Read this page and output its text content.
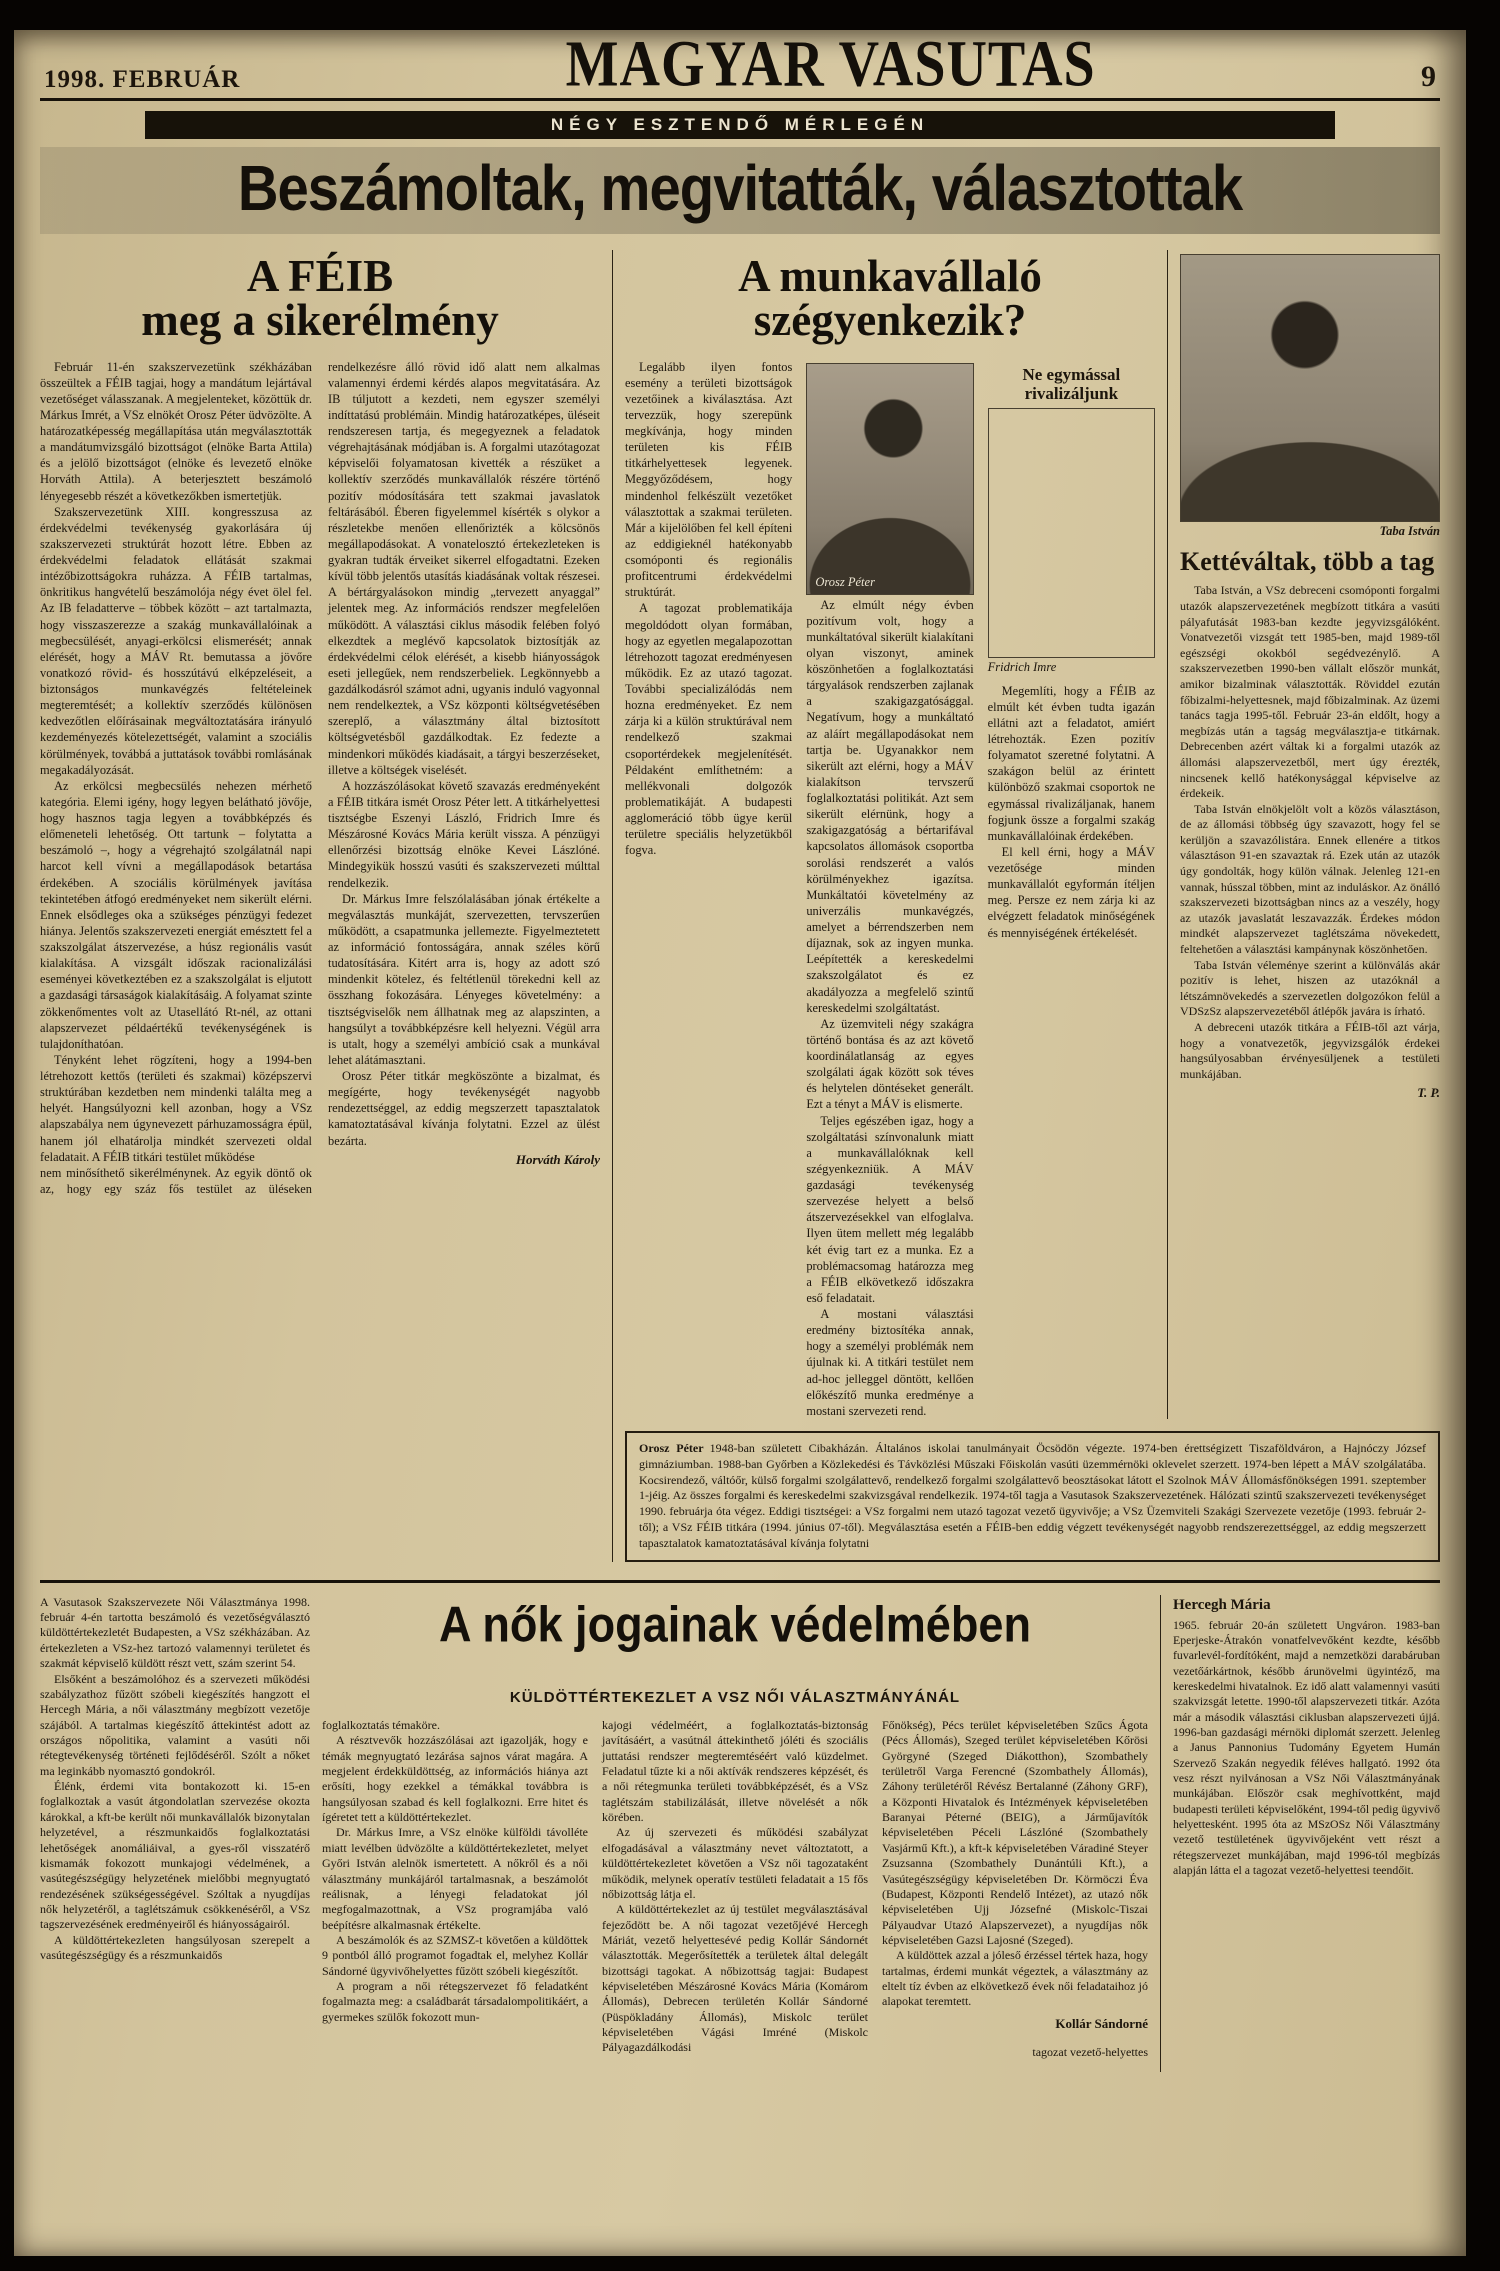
1998. FEBRUÁR	MAGYAR VASUTAS	9
NÉGY ESZTENDŐ MÉRLEGÉN
Beszámoltak, megvitatták, választottak
A FÉIB
meg a sikerélmény

Február 11-én szakszervezetünk székházában összeültek a FÉIB tagjai, hogy a mandátum lejártával vezetőséget válasszanak. A megjelenteket, közöttük dr. Márkus Imrét, a VSz elnökét Orosz Péter üdvözölte. A határozatképesség megállapítása után megválasztották a mandátumvizsgáló bizottságot (elnöke Barta Attila) és a jelölő bizottságot (elnöke és levezető elnöke Horváth Attila). A beterjesztett beszámoló lényegesebb részét a következőkben ismertetjük.

Szakszervezetünk XIII. kongresszusa az érdekvédelmi tevékenység gyakorlására új szakszervezeti struktúrát hozott létre. Ebben az érdekvédelmi feladatok ellátását szakmai intézőbizottságokra ruházza. A FÉIB tartalmas, önkritikus hangvételű beszámolója négy évet ölel fel. Az IB feladatterve – többek között – azt tartalmazta, hogy visszaszerezze a szakág munkavállalóinak a megbecsülését, anyagi-erkölcsi elismerését; annak elérését, hogy a MÁV Rt. bemutassa a jövőre vonatkozó rövid- és hosszútávú elképzeléseit, a biztonságos munkavégzés feltételeinek megteremtését; a kollektív szerződés különösen kedvezőtlen előírásainak megváltoztatására irányuló kezdeményezés kötelezettségét, valamint a szociális körülmények, továbbá a juttatások további romlásának megakadályozását.

Az erkölcsi megbecsülés nehezen mérhető kategória. Elemi igény, hogy legyen belátható jövője, hogy hasznos tagja legyen a továbbképzés és előmeneteli lehetőség. Ott tartunk – folytatta a beszámoló –, hogy a végrehajtó szolgálatnál napi harcot kell vívni a megállapodások betartása érdekében. A szociális körülmények javítása tekintetében átfogó eredményeket nem sikerült elérni. Ennek elsődleges oka a szükséges pénzügyi fedezet hiánya. Jelentős szakszervezeti energiát emésztett fel a szakszolgálat átszervezése, a húsz regionális vasút kialakítása. A vizsgált időszak racionalizálási eseményei következtében ez a szakszolgálat is eljutott a gazdasági társaságok kialakításáig. A folyamat szinte zökkenőmentes volt az Utasellátó Rt-nél, az ottani alapszervezet példaértékű tevékenységének is tulajdoníthatóan.

Tényként lehet rögzíteni, hogy a 1994-ben létrehozott kettős (területi és szakmai) középszervi struktúrában kezdetben nem mindenki találta meg a helyét. Hangsúlyozni kell azonban, hogy a VSz alapszabálya nem úgynevezett párhuzamosságra épül, hanem jól elhatárolja mindkét szervezeti oldal feladatait. A FÉIB titkári testület működése

nem minősíthető sikerélménynek. Az egyik döntő ok az, hogy egy száz fős testület az üléseken rendelkezésre álló rövid idő alatt nem alkalmas valamennyi érdemi kérdés alapos megvitatására. Az IB túljutott a kezdeti, nem egyszer személyi indíttatású problémáin. Mindig határozatképes, üléseit rendszeresen tartja, és megegyeznek a feladatok végrehajtásának módjában is. A forgalmi utazótagozat képviselői folyamatosan kivették a részüket a kollektív szerződés munkavállalók részére történő pozitív módosítására tett szakmai javaslatok feltárásából. Éberen figyelemmel kísérték s olykor a részletekbe menően ellenőrizték a kölcsönös megállapodásokat. A vonatelosztó értekezleteken is gyakran tudták érveiket sikerrel elfogadtatni. Ezeken kívül több jelentős utasítás kiadásának voltak részesei. A bértárgyalásokon mindig „tervezett anyaggal” jelentek meg. Az információs rendszer megfelelően működött. A választási ciklus második felében folyó elkezdtek a meglévő kapcsolatok biztosítják az érdekvédelmi célok elérését, a kisebb hiányosságok eseti jellegűek, nem rendszerbeliek. Legkönnyebb a gazdálkodásról számot adni, ugyanis induló vagyonnal nem rendelkeztek, a VSz központi költségvetésében szereplő, a választmány által biztosított költségvetésből gazdálkodtak. Ez fedezte a mindenkori működés kiadásait, a tárgyi beszerzéseket, illetve a költségek viselését.

A hozzászólásokat követő szavazás eredményeként a FÉIB titkára ismét Orosz Péter lett. A titkárhelyettesi tisztségbe Eszenyi László, Fridrich Imre és Mészárosné Kovács Mária került vissza. A pénzügyi ellenőrzési bizottság elnöke Kevei Lászlóné. Mindegyikük hosszú vasúti és szakszervezeti múlttal rendelkezik.

Dr. Márkus Imre felszólalásában jónak értékelte a megválasztás munkáját, szervezetten, tervszerűen működött, a csapatmunka jellemezte. Figyelmeztetett az információ fontosságára, annak széles körű tudatosítására. Kitért arra is, hogy az adott szó mindenkit kötelez, és feltétlenül törekedni kell az összhang fokozására. Lényeges követelmény: a tisztségviselők nem állhatnak meg az alapszinten, a hangsúlyt a továbbképzésre kell helyezni. Végül arra is utalt, hogy a személyi ambíció csak a munkával lehet alátámasztani.

Orosz Péter titkár megköszönte a bizalmat, és megígérte, hogy tevékenységét nagyobb rendezettséggel, az eddig megszerzett tapasztalatok kamatoztatásával kívánja folytatni. Ezzel az ülést bezárta.

Horváth Károly

A munkavállaló
szégyenkezik?

Legalább ilyen fontos esemény a területi bizottságok vezetőinek a kiválasztása. Azt tervezzük, hogy szerepünk megkívánja, hogy minden területen kis FÉIB titkárhelyettesek legyenek. Meggyőződésem, hogy mindenhol felkészült vezetőket választottak a szakmai területen. Már a kijelölőben fel kell építeni az eddigieknél hatékonyabb csomóponti és regionális profitcentrumi érdekvédelmi struktúrát.

A tagozat problematikája megoldódott olyan formában, hogy az egyetlen megalapozottan létrehozott tagozat eredményesen működik. Ez az utazó tagozat. További specializálódás nem hozna eredményeket. Ez nem zárja ki a külön struktúrával nem rendelkező szakmai csoportérdekek megjelenítését. Példaként említhetném: a mellékvonali dolgozók problematikáját. A budapesti agglomeráció több ügye kerül területre speciális helyzetükből fogva.

Orosz Péter

Az elmúlt négy évben pozitívum volt, hogy a munkáltatóval sikerült kialakítani olyan viszonyt, aminek köszönhetően a foglalkoztatási tárgyalások rendszerben zajlanak a szakigazgatósággal. Negatívum, hogy a munkáltató az aláírt megállapodásokat nem tartja be. Ugyanakkor nem sikerült azt elérni, hogy a MÁV kialakítson tervszerű foglalkoztatási politikát. Azt sem sikerült elérnünk, hogy a szakigazgatóság a bértarifával kapcsolatos állomások csoportba sorolási rendszerét a valós körülményekhez igazítsa. Munkáltatói követelmény az univerzális munkavégzés, amelyet a bérrendszerben nem díjaznak, sok az ingyen munka. Leépítették a kereskedelmi szakszolgálatot és ez akadályozza a megfelelő szintű kereskedelmi szolgáltatást.

Az üzemviteli négy szakágra történő bontása és az azt követő koordinálatlanság az egyes szolgálati ágak között sok téves és helytelen döntéseket generált. Ezt a tényt a MÁV is elismerte.

Teljes egészében igaz, hogy a szolgáltatási színvonalunk miatt a munkavállalóknak kell szégyenkezniük. A MÁV gazdasági tevékenység szervezése helyett a belső átszervezésekkel van elfoglalva. Ilyen ütem mellett még legalább két évig tart ez a munka. Ez a problémacsomag határozza meg a FÉIB elkövetkező időszakra eső feladatait.

A mostani választási eredmény biztosítéka annak, hogy a személyi problémák nem újulnak ki. A titkári testület nem ad-hoc jelleggel döntött, kellően előkészítő munka eredménye a mostani szervezeti rend.

Ne egymással rivalizáljunk
Fridrich Imre

Megemlíti, hogy a FÉIB az elmúlt két évben tudta igazán ellátni azt a feladatot, amiért létrehozták. Ezen pozitív folyamatot szeretné folytatni. A szakágon belül az érintett különböző szakmai csoportok ne egymással rivalizáljanak, hanem fogjunk össze a forgalmi szakág munkavállalóinak érdekében.

El kell érni, hogy a MÁV vezetősége minden munkavállalót egyformán ítéljen meg. Persze ez nem zárja ki az elvégzett feladatok minőségének és mennyiségének értékelését.

Taba István
Kettéváltak, több a tag

Taba István, a VSz debreceni csomóponti forgalmi utazók alapszervezetének megbízott titkára a vasúti pályafutását 1983-ban kezdte jegyvizsgálóként. Vonatvezetői vizsgát tett 1985-ben, majd 1989-től egészségi okokból segédvezénylő. A szakszervezetben 1990-ben vállalt először munkát, amikor bizalminak választották. Röviddel ezután főbizalmi-helyettesnek, majd főbizalminak. Az üzemi tanács tagja 1995-től. Február 23-án eldőlt, hogy a megbízás után a tagság megválasztja-e titkárnak. Debrecenben azért váltak ki a forgalmi utazók az állomási alapszervezetből, mert úgy érezték, nincsenek kellő hatékonysággal képviselve az érdekeik.

Taba István elnökjelölt volt a közös választáson, de az állomási többség úgy szavazott, hogy fel se kerüljön a szavazólistára. Ennek ellenére a titkos választáson 91-en szavaztak rá. Ezek után az utazók úgy gondolták, hogy külön válnak. Jelenleg 121-en vannak, hússzal többen, mint az induláskor. Az önálló szakszervezeti bizottságban nincs az a veszély, hogy az utazók javaslatát leszavazzák. Érdekes módon mindkét alapszervezet taglétszáma növekedett, feltehetően a választási kampánynak köszönhetően.

Taba István véleménye szerint a különválás akár pozitív is lehet, hiszen az utazóknál a létszámnövekedés a szervezetlen dolgozókon felül a VDSzSz alapszervezetéből átlépők javára is írható.

A debreceni utazók titkára a FÉIB-től azt várja, hogy a vonatvezetők, jegyvizsgálók érdekei hangsúlyosabban érvényesüljenek a testületi munkájában.

T. P.

Orosz Péter 1948-ban született Cibakházán. Általános iskolai tanulmányait Öcsödön végezte. 1974-ben érettségizett Tiszaföldváron, a Hajnóczy József gimnáziumban. 1988-ban Győrben a Közlekedési és Távközlési Műszaki Főiskolán vasúti üzemmérnöki oklevelet szerzett. 1974-ben lépett a MÁV szolgálatába. Kocsirendező, váltóőr, külső forgalmi szolgálattevő, rendelkező forgalmi szolgálattevő beosztásokat látott el Szolnok MÁV Állomásfőnökségen 1991. szeptember 1-jéig. Az összes forgalmi és kereskedelmi szakvizsgával rendelkezik. 1974-től tagja a Vasutasok Szakszervezetének. Hálózati szintű szakszervezeti tevékenységet 1990. februárja óta végez. Eddigi tisztségei: a VSz forgalmi nem utazó tagozat vezető ügyvivője; a VSz Üzemviteli Szakági Szervezete vezetője (1993. február 2-től); a VSz FÉIB titkára (1994. június 07-től). Megválasztása esetén a FÉIB-ben eddig végzett tevékenységét nagyobb rendszerezettséggel, az eddig megszerzett tapasztalatok kamatoztatásával kívánja folytatni

A Vasutasok Szakszervezete Női Választmánya 1998. február 4-én tartotta beszámoló és vezetőségválasztó küldöttértekezletét Budapesten, a VSz székházában. Az értekezleten a VSz-hez tartozó valamennyi területet és szakmát képviselő küldött részt vett, szám szerint 54.

Elsőként a beszámolóhoz és a szervezeti működési szabályzathoz fűzött szóbeli kiegészítés hangzott el Hercegh Mária, a női választmány megbízott vezetője szájából. A tartalmas kiegészítő áttekintést adott az országos nőpolitika, valamint a vasúti női rétegtevékenység történeti fejlődéséről. Szólt a nőket ma leginkább nyomasztó gondokról.

Élénk, érdemi vita bontakozott ki. 15-en foglalkoztak a vasút átgondolatlan szervezése okozta károkkal, a kft-be került női munkavállalók bizonytalan helyzetével, a részmunkaidős foglalkoztatási lehetőségek anomáliáival, a gyes-ről visszatérő kismamák fokozott munkajogi védelmének, a vasútegészségügy helyzetének mielőbbi megnyugtató rendezésének szükségességével. Szóltak a nyugdíjas nők helyzetéről, a taglétszámuk csökkenéséről, a VSz tagszervezésének eredményeiről és hiányosságairól.

A küldöttértekezleten hangsúlyosan szerepelt a vasútegészségügy és a részmunkaidős

A nők jogainak védelmében
KÜLDÖTTÉRTEKEZLET A VSZ NŐI VÁLASZTMÁNYÁNÁL

foglalkoztatás témaköre.

A résztvevők hozzászólásai azt igazolják, hogy e témák megnyugtató lezárása sajnos várat magára. A megjelent érdekküldöttség, az információs hiánya azt erősíti, hogy ezekkel a témákkal továbbra is hangsúlyosan szabad és kell foglalkozni. Erre hitet és ígéretet tett a küldöttértekezlet.

Dr. Márkus Imre, a VSz elnöke külföldi távolléte miatt levélben üdvözölte a küldöttértekezletet, melyet Győri István alelnök ismertetett. A nőkről és a női választmány munkájáról tartalmasnak, a beszámolót reálisnak, a lényegi feladatokat jól megfogalmazottnak, a VSz programjába való beépítésre alkalmasnak értékelte.

A beszámolók és az SZMSZ-t követően a küldöttek 9 pontból álló programot fogadtak el, melyhez Kollár Sándorné ügyvivőhelyettes fűzött szóbeli kiegészítőt.

A program a női rétegszervezet fő feladatként fogalmazta meg: a családbarát társadalompolitikáért, a gyermekes szülők fokozott mun-

kajogi védelméért, a foglalkoztatás-biztonság javításáért, a vasútnál áttekinthető jóléti és szociális juttatási rendszer megteremtéséért való küzdelmet. Feladatul tűzte ki a női aktívák rendszeres képzését, és a női rétegmunka területi továbbképzését, és a VSz taglétszám stabilizálását, illetve növelését a nők körében.

Az új szervezeti és működési szabályzat elfogadásával a választmány nevet változtatott, a küldöttértekezletet követően a VSz női tagozataként működik, melynek operatív testületi feladatait a 15 fős nőbizottság látja el.

A küldöttértekezlet az új testület megválasztásával fejeződött be. A női tagozat vezetőjévé Hercegh Máriát, vezető helyettesévé pedig Kollár Sándornét választották. Megerősítették a területek által delegált bizottsági tagokat. A nőbizottság tagjai: Budapest képviseletében Mészárosné Kovács Mária (Komárom Állomás), Debrecen területén Kollár Sándorné (Püspökladány Állomás), Miskolc terület képviseletében Vágási Imréné (Miskolc Pályagazdálkodási

Főnökség), Pécs terület képviseletében Szűcs Ágota (Pécs Állomás), Szeged terület képviseletében Kőrösi Györgyné (Szeged Diákotthon), Szombathely területről Varga Ferencné (Szombathely Állomás), Záhony területéről Révész Bertalanné (Záhony GRF), a Központi Hivatalok és Intézmények képviseletében Baranyai Péterné (BEIG), a Járműjavítók képviseletében Péceli Lászlóné (Szombathely Vasjármű Kft.), a kft-k képviseletében Váradiné Steyer Zsuzsanna (Szombathely Dunántúli Kft.), a Vasútegészségügy képviseletében Dr. Körmöczi Éva (Budapest, Központi Rendelő Intézet), az utazó nők képviseletében Ujj Józsefné (Miskolc-Tiszai Pályaudvar Utazó Alapszervezet), a nyugdíjas nők képviseletében Gazsi Lajosné (Szeged).

A küldöttek azzal a jóleső érzéssel tértek haza, hogy tartalmas, érdemi munkát végeztek, a választmány az eltelt tíz évben az elkövetkező évek női feladataihoz jó alapokat teremtett.

Kollár Sándorné

tagozat vezető-helyettes

Hercegh Mária
1965. február 20-án született Ungváron. 1983-ban Eperjeske-Átrakón vonatfelvevőként kezdte, később fuvarlevél-fordítóként, majd a nemzetközi darabáruban vezetőárkártnok, később árunövelmi ügyintéző, ma kereskedelmi hivatalnok. Ez idő alatt valamennyi vasúti szakvizsgát letette. 1990-től alapszervezeti titkár. Azóta már a második választási ciklusban alapszervezeti újjá. 1996-ban gazdasági mérnöki diplomát szerzett. Jelenleg a Janus Pannonius Tudomány Egyetem Humán Szervező Szakán negyedik féléves hallgató. 1992 óta vesz részt nyilvánosan a VSz Női Választmányának munkájában. Először csak meghívottként, majd budapesti területi képviselőként, 1994-től pedig ügyvivő helyettesként. 1995 óta az MSzOSz Női Választmány vezető testületének ügyvivőjeként vett részt a rétegszervezet munkájában, majd 1996-tól megbízás alapján látta el a tagozat vezető-helyettesi teendőit.
